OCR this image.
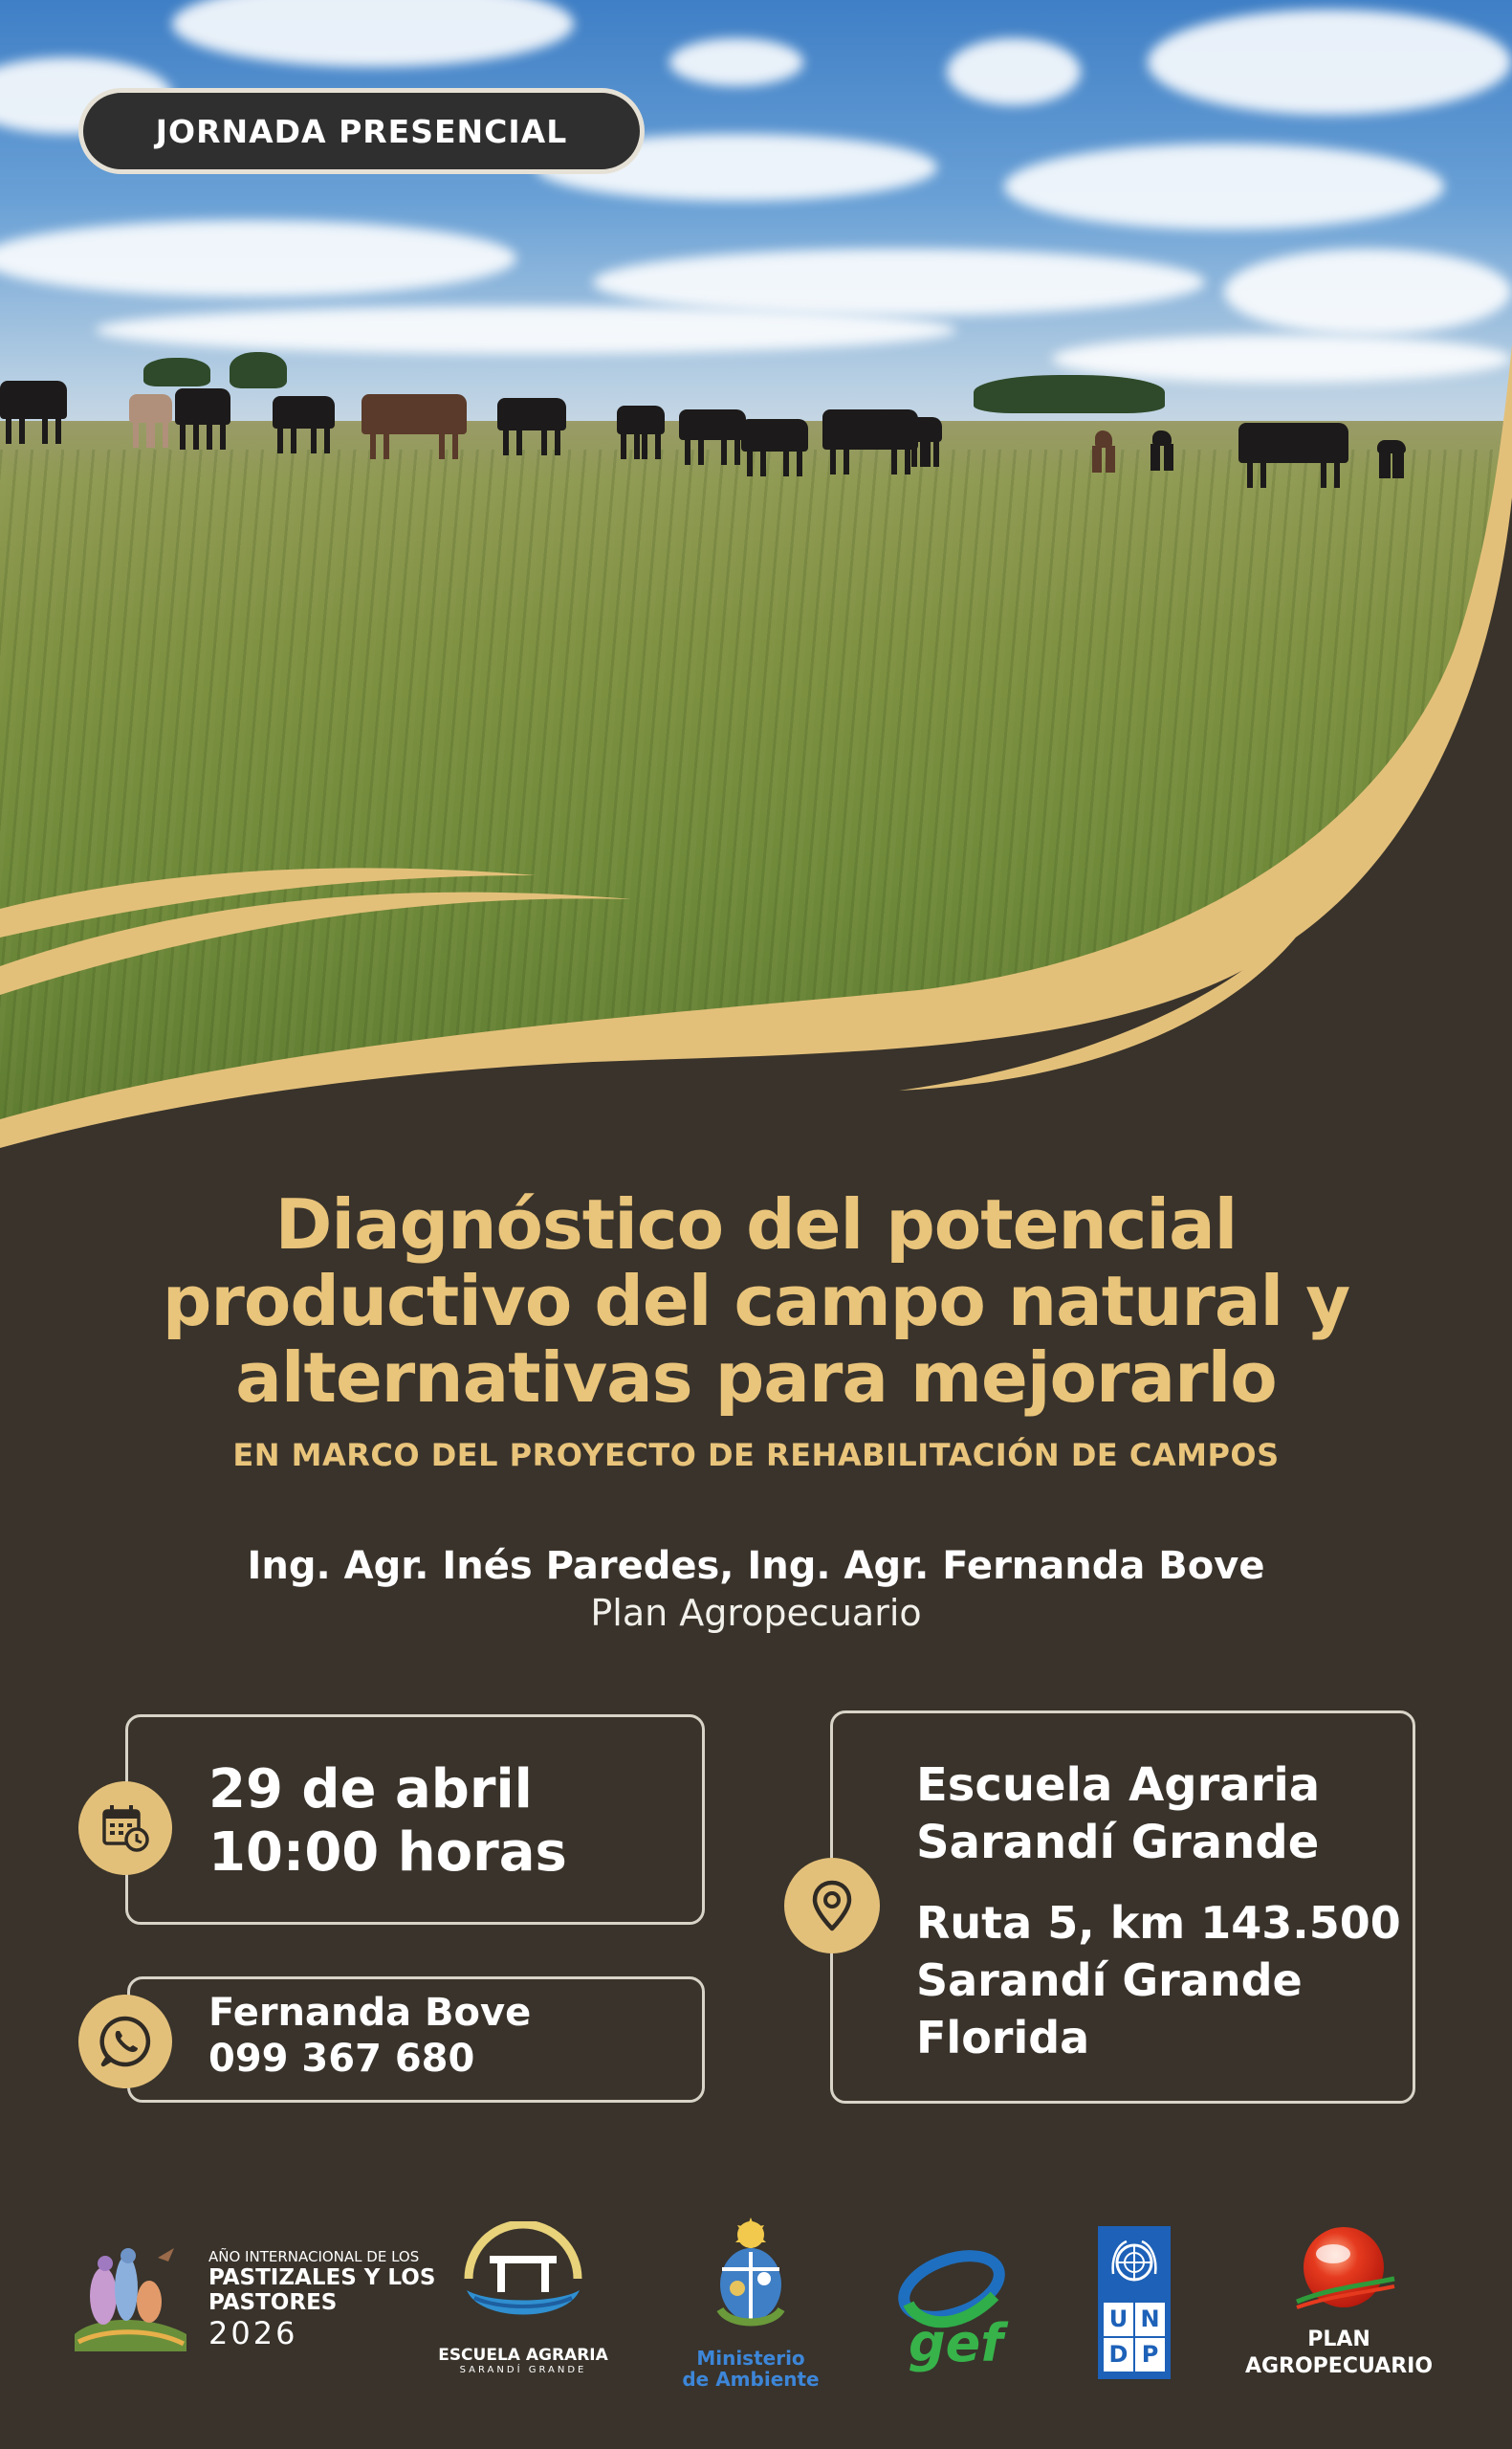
JORNADA PRESENCIAL
Diagnóstico del potencial
productivo del campo natural y
alternativas para mejorarlo
EN MARCO DEL PROYECTO DE REHABILITACIÓN DE CAMPOS
Ing. Agr. Inés Paredes, Ing. Agr. Fernanda Bove
Plan Agropecuario
29 de abril
10:00 horas
Fernanda Bove
099 367 680
Escuela Agraria
Sarandí Grande
Ruta 5, km 143.500
Sarandí Grande
Florida
AÑO INTERNACIONAL DE LOS
PASTIZALES Y LOS
PASTORES
2026
ESCUELA AGRARIA
SARANDÍ GRANDE
Ministerio
de Ambiente
gef	U N
D P
PLAN
AGROPECUARIO
